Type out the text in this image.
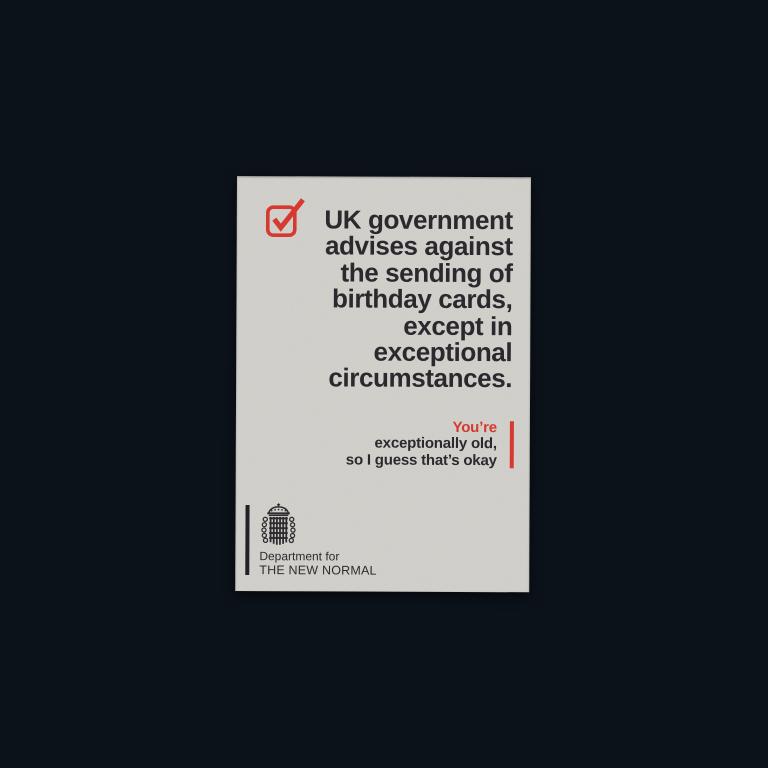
UK government
advises against
the sending of
birthday cards,
except in
exceptional
circumstances.
You’re
exceptionally old,
so I guess that’s okay
Department for
THE NEW NORMAL
